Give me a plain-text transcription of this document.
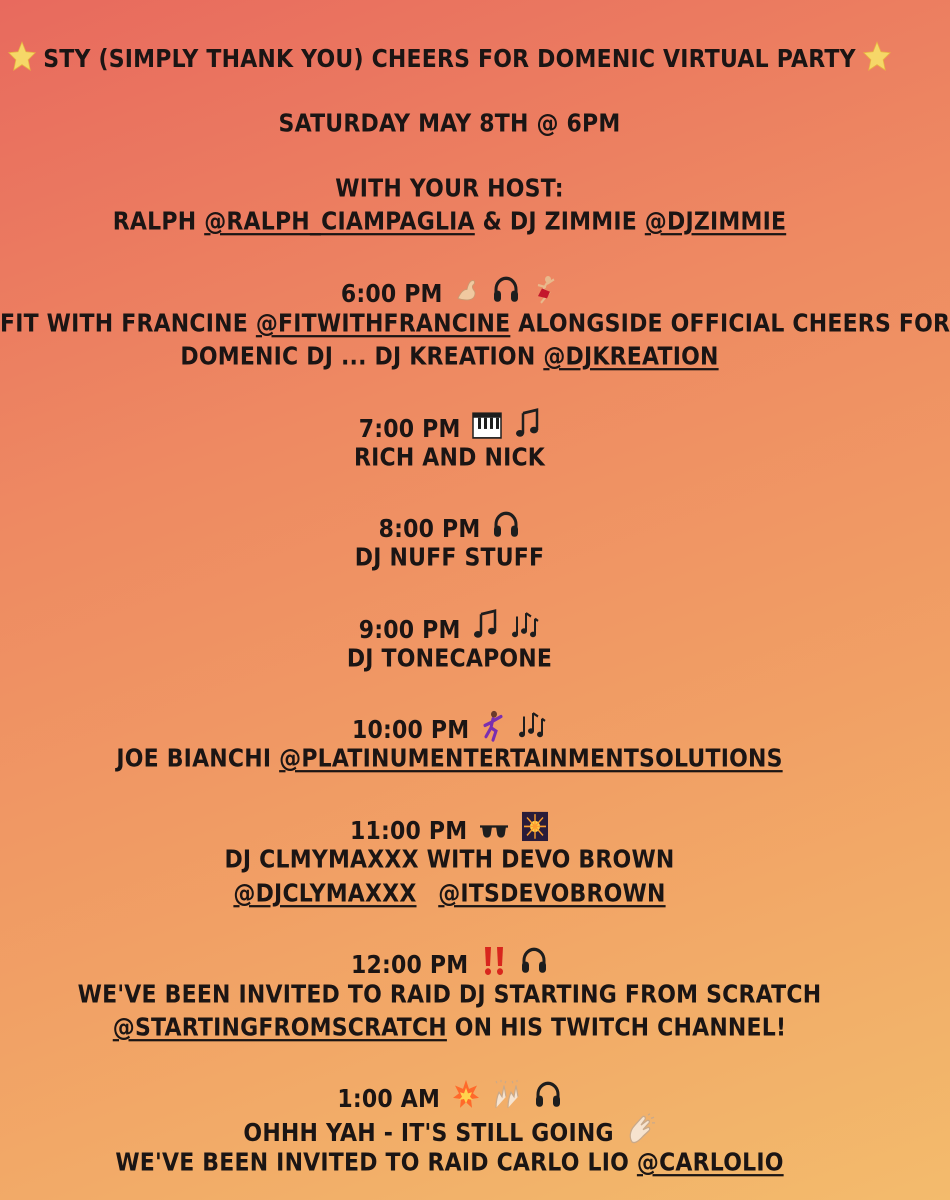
STY (SIMPLY THANK YOU) CHEERS FOR DOMENIC VIRTUAL PARTY
SATURDAY MAY 8TH @ 6PM
WITH YOUR HOST:
RALPH @RALPH_CIAMPAGLIA & DJ ZIMMIE @DJZIMMIE
6:00 PM
FIT WITH FRANCINE @FITWITHFRANCINE ALONGSIDE OFFICIAL CHEERS FOR
DOMENIC DJ ... DJ KREATION @DJKREATION
7:00 PM
RICH AND NICK
8:00 PM
DJ NUFF STUFF
9:00 PM
DJ TONECAPONE
10:00 PM
JOE BIANCHI @PLATINUMENTERTAINMENTSOLUTIONS
11:00 PM
DJ CLMYMAXXX WITH DEVO BROWN
@DJCLYMAXXX @ITSDEVOBROWN
12:00 PM
WE'VE BEEN INVITED TO RAID DJ STARTING FROM SCRATCH
@STARTINGFROMSCRATCH ON HIS TWITCH CHANNEL!
1:00 AM
OHHH YAH - IT'S STILL GOING
WE'VE BEEN INVITED TO RAID CARLO LIO @CARLOLIO
